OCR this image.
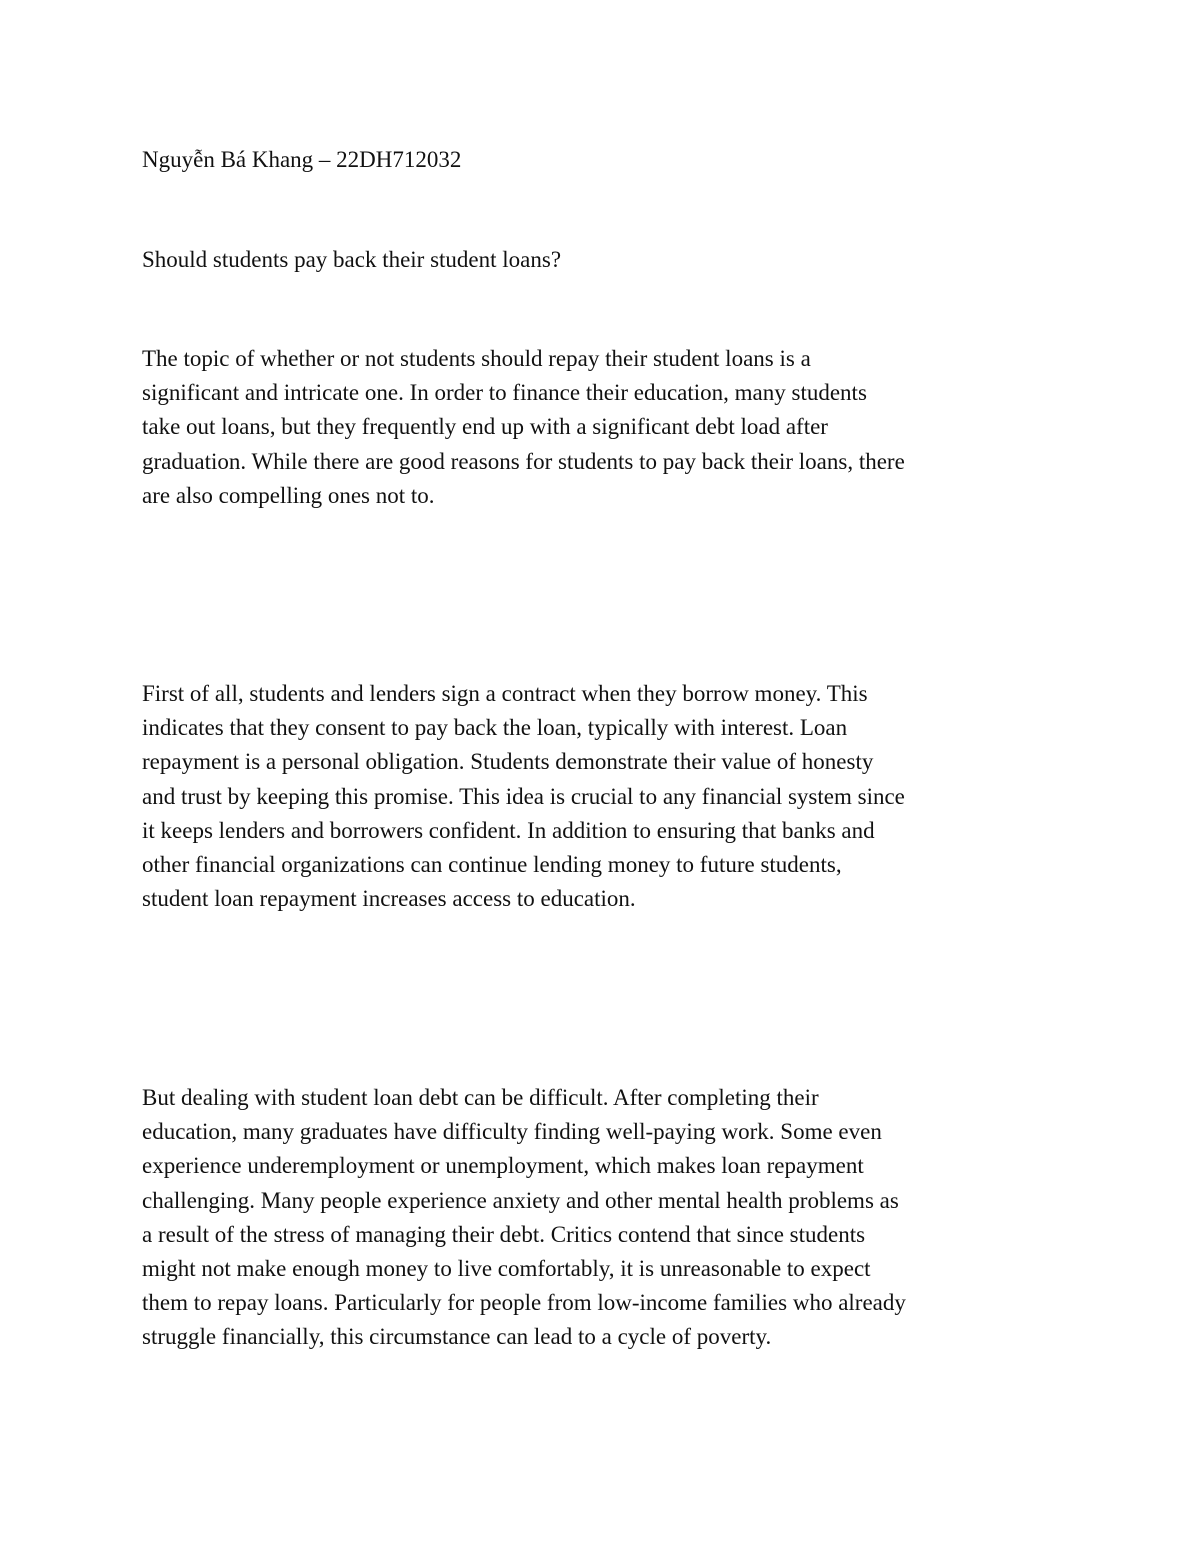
Nguyễn Bá Khang – 22DH712032

Should students pay back their student loans?

The topic of whether or not students should repay their student loans is a
significant and intricate one. In order to finance their education, many students
take out loans, but they frequently end up with a significant debt load after
graduation. While there are good reasons for students to pay back their loans, there
are also compelling ones not to.

First of all, students and lenders sign a contract when they borrow money. This
indicates that they consent to pay back the loan, typically with interest. Loan
repayment is a personal obligation. Students demonstrate their value of honesty
and trust by keeping this promise. This idea is crucial to any financial system since
it keeps lenders and borrowers confident. In addition to ensuring that banks and
other financial organizations can continue lending money to future students,
student loan repayment increases access to education.

But dealing with student loan debt can be difficult. After completing their
education, many graduates have difficulty finding well-paying work. Some even
experience underemployment or unemployment, which makes loan repayment
challenging. Many people experience anxiety and other mental health problems as
a result of the stress of managing their debt. Critics contend that since students
might not make enough money to live comfortably, it is unreasonable to expect
them to repay loans. Particularly for people from low-income families who already
struggle financially, this circumstance can lead to a cycle of poverty.
